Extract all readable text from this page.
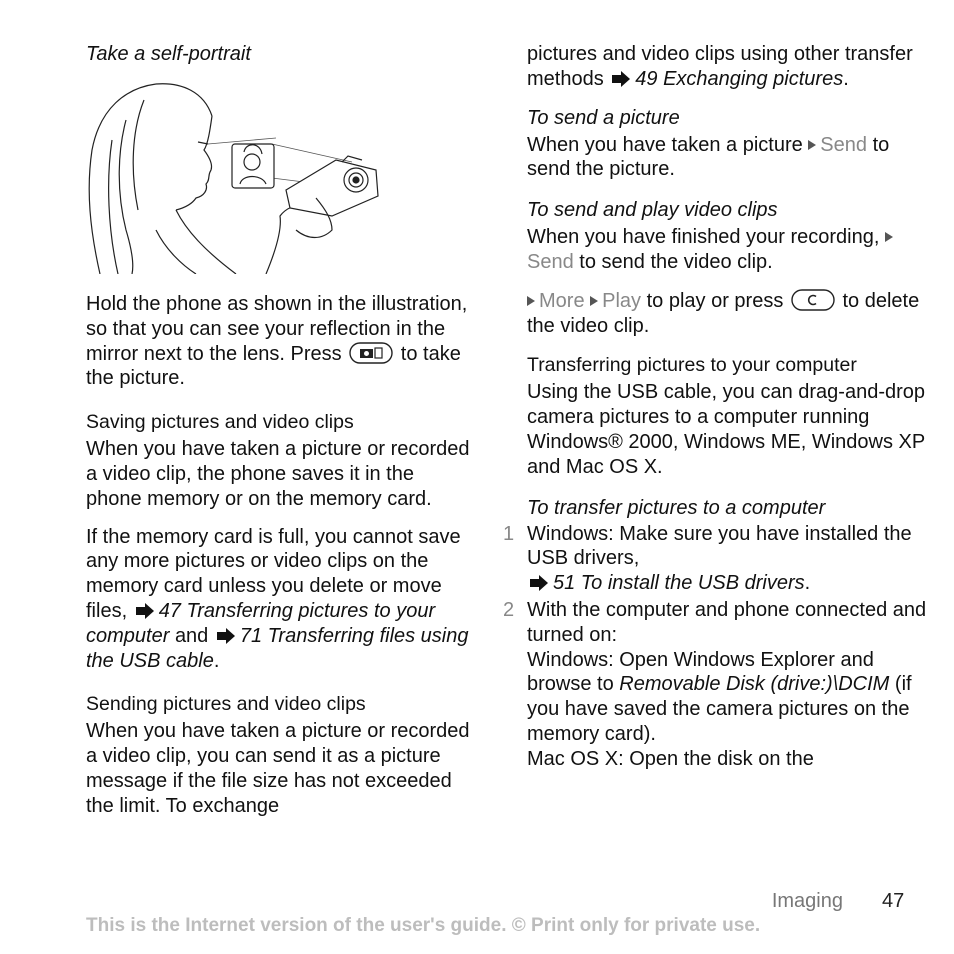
Take a self-portrait

Hold the phone as shown in the illustration, so that you can see your reflection in the mirror next to the lens. Press	to take the picture.

Saving pictures and video clips

When you have taken a picture or recorded a video clip, the phone saves it in the phone memory or on the memory card.

If the memory card is full, you cannot save any more pictures or video clips on the memory card unless you delete or move files, 47 Transferring pictures to your computer and 71 Transferring files using the USB cable.

Sending pictures and video clips

When you have taken a picture or recorded a video clip, you can send it as a picture message if the file size has not exceeded the limit. To exchange

pictures and video clips using other transfer methods 49 Exchanging pictures.

To send a picture

When you have taken a picture Send to send the picture.

To send and play video clips

When you have finished your recording, Send to send the video clip.

More Play to play or press	to delete the video clip.

Transferring pictures to your computer

Using the USB cable, you can drag-and-drop camera pictures to a computer running Windows® 2000, Windows ME, Windows XP and Mac OS X.

To transfer pictures to a computer

1 Windows: Make sure you have installed the USB drivers,
51 To install the USB drivers.

2 With the computer and phone connected and turned on:
Windows: Open Windows Explorer and browse to Removable Disk (drive:)\DCIM (if you have saved the camera pictures on the memory card).
Mac OS X: Open the disk on the

Imaging 47
This is the Internet version of the user's guide. © Print only for private use.
